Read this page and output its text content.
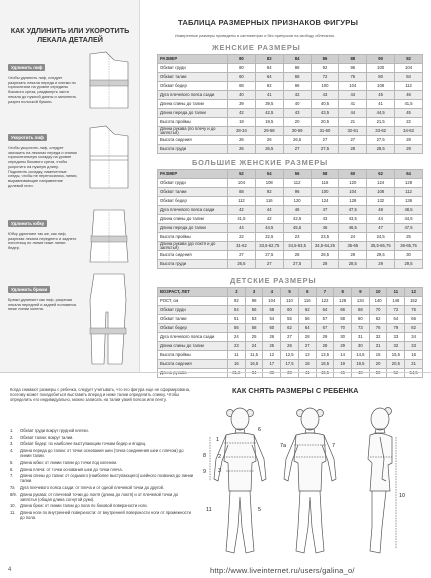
КАК УДЛИНИТЬ ИЛИ УКОРОТИТЬ ЛЕКАЛА ДЕТАЛЕЙ
Удлинить лиф
Чтобы удлинить лиф, следует разрезать лекала переда и спинки по горизонтали на уровне середины бокового среза, раздвинуть части лекала до нужной длины и заполнить разрез полоской бумаги.
Укоротить лиф
Чтобы укоротить лиф, следует заложить на лекалах переда и спинки горизонтальную складку на уровне середины бокового среза, чтобы укоротить на нужную длину. Подклеить складку, намеченные следы, чтобы не переносились линии, выравнивающие направление долевой нити.
Удлинить юбку
Юбку удлиняют так же, как лиф, разрезая лекала переднего и заднего полотнищ по линии ниже линии бедер.
Удлинить брюки
Брюки удлиняют как лиф, разрезая лекала передней и задней половинок ниже линии колена.
ТАБЛИЦА РАЗМЕРНЫХ ПРИЗНАКОВ ФИГУРЫ
Измеренные размеры приведены в сантиметрах и без припусков на свободу облегания.
ЖЕНСКИЕ РАЗМЕРЫ
РАЗМЕР	80	82	84	86	88	90	92
Обхват груди	80	84	88	92	96	100	104
Обхват талии	60	64	68	72	76	80	84
Обхват бедер	88	92	96	100	104	108	112
Дуга плечевого пояса сзади	40	41	42	43	44	45	46
Длина спины до талии	39	39,5	40	40,5	41	41	41,5
Длина переда до талии	42	42,5	43	43,5	44	44,5	45
Высота проймы	19	19,5	20	20,5	21	21,5	22
Длина рукава (по плечу и до запястья)	28-34	29-58	30-59	31-60	32-61	33-62	34-63
Высота сидения	26	26	26,5	27	27	27,5	28
Высота груди	26	26,5	27	27,5	28	28,5	29
БОЛЬШИЕ ЖЕНСКИЕ РАЗМЕРЫ
РАЗМЕР	52	54	56	58	60	62	64
Обхват груди	104	108	112	116	120	124	128
Обхват талии	88	92	96	100	104	108	112
Обхват бедер	112	116	120	124	128	132	136
Дуга плечевого пояса сзади	42	44	46	47	47,5	48	48,5
Длина спины до талии	41,5	42	42,5	43	43,5	44	44,5
Длина переда до талии	44	44,5	45,5	46	46,5	47	47,5
Высота проймы	22	22,5	23	23,5	24	24,5	25
Длина рукава (до локтя и до запястья)	31-62	33,5-62,75	34,5-63,5	34,5-64,25	35-65	35,5-65,75	36-65,75
Высота сидения	27	27,5	28	28,5	29	29,5	30
Высота груди	26,5	27	27,5	28	28,5	29	29,5
ДЕТСКИЕ РАЗМЕРЫ
ВОЗРАСТ, ЛЕТ	2	3	4	5	6	7	8	9	10	11	12
РОСТ, см	92	98	104	110	116	122	128	134	140	146	152
Обхват груди	54	56	58	60	62	64	66	68	70	72	76
Обхват талии	51	53	54	55	56	57	58	60	62	64	66
Обхват бедер	56	58	60	62	64	67	70	73	76	79	82
Дуга плечевого пояса сзади	24	25	26	27	28	29	30	31	32	33	34
Длина спины до талии	23	24	25	26	27	28	29	30	31	32	33
Высота проймы	11	11,5	12	12,5	13	13,5	14	14,5	15	15,5	16
Высота сидения	16	16,5	17	17,5	18	18,5	19	19,5	20	20,5	21
Длина рукава	31,5	34	36	38	41	43,5	46	48	50	52	54,5
Когда снимают размеры с ребенка, следует учитывать, что его фигура еще не сформирована, поэтому может понадобиться выставить вперед и ниже талии определить спинку. Чтобы определить его индивидуально, можно записать на талии узкий поясок или ленту.
1.	Обхват груди вокруг грудной клетки.
2.	Обхват талии: вокруг талии.
3.	Обхват бедер: по наиболее выступающим точкам бедер и ягодиц.
4.	Длина переда до талии: от точки основания шеи (точка соединения шеи с плечом) до линии талии.
5.	Длина юбки: от линии талии до точки под коленом.
6.	Длина плеча: от точки основания шеи до точки плеча.
7.	Длина спины до талии: от седьмого (наиболее выступающего) шейного позвонка до линии талии.
7a	Дуга плечевого пояса сзади: от плеча и от одной плечевой точки до другой.
8/9. Длина рукава: от плечевой точки до локтя (длина до локтя) и от плечевой точки до запястья (общая длина согнутой руки).
10.	Длина брюк: от линии талии до пола по боковой поверхности ноги.
11.	Длина ноги по внутренней поверхности: от внутренней поверхности ноги от промежности до пола.
КАК СНЯТЬ РАЗМЕРЫ С РЕБЕНКА
1
2
3
8
9
6
5
11
7a	7
10
4	http://www.liveinternet.ru/users/galina_o/
